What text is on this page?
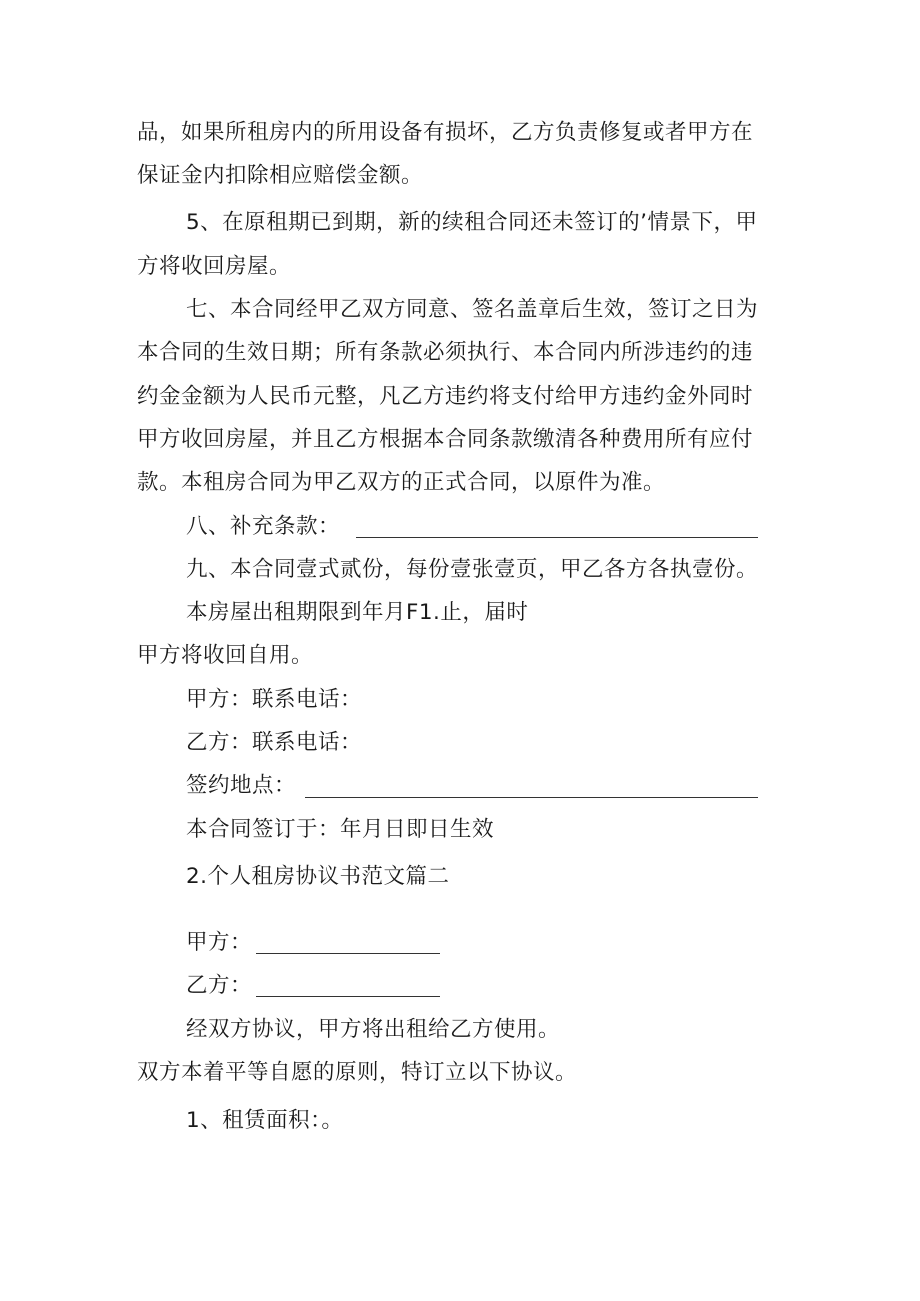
品，如果所租房内的所用设备有损坏，乙方负责修复或者甲方在
保证金内扣除相应赔偿金额。
5、在原租期已到期，新的续租合同还未签订的’情景下，甲
方将收回房屋。
七、本合同经甲乙双方同意、签名盖章后生效，签订之日为
本合同的生效日期；所有条款必须执行、本合同内所涉违约的违
约金金额为人民币元整，凡乙方违约将支付给甲方违约金外同时
甲方收回房屋，并且乙方根据本合同条款缴清各种费用所有应付
款。本租房合同为甲乙双方的正式合同，以原件为准。
八、补充条款：
九、本合同壹式贰份，每份壹张壹页，甲乙各方各执壹份。
本房屋出租期限到年月F1.止，届时
甲方将收回自用。
甲方：联系电话：
乙方：联系电话：
签约地点：
本合同签订于：年月日即日生效
2.个人租房协议书范文篇二
甲方：
乙方：
经双方协议，甲方将出租给乙方使用。
双方本着平等自愿的原则，特订立以下协议。
1、租赁面积：。
